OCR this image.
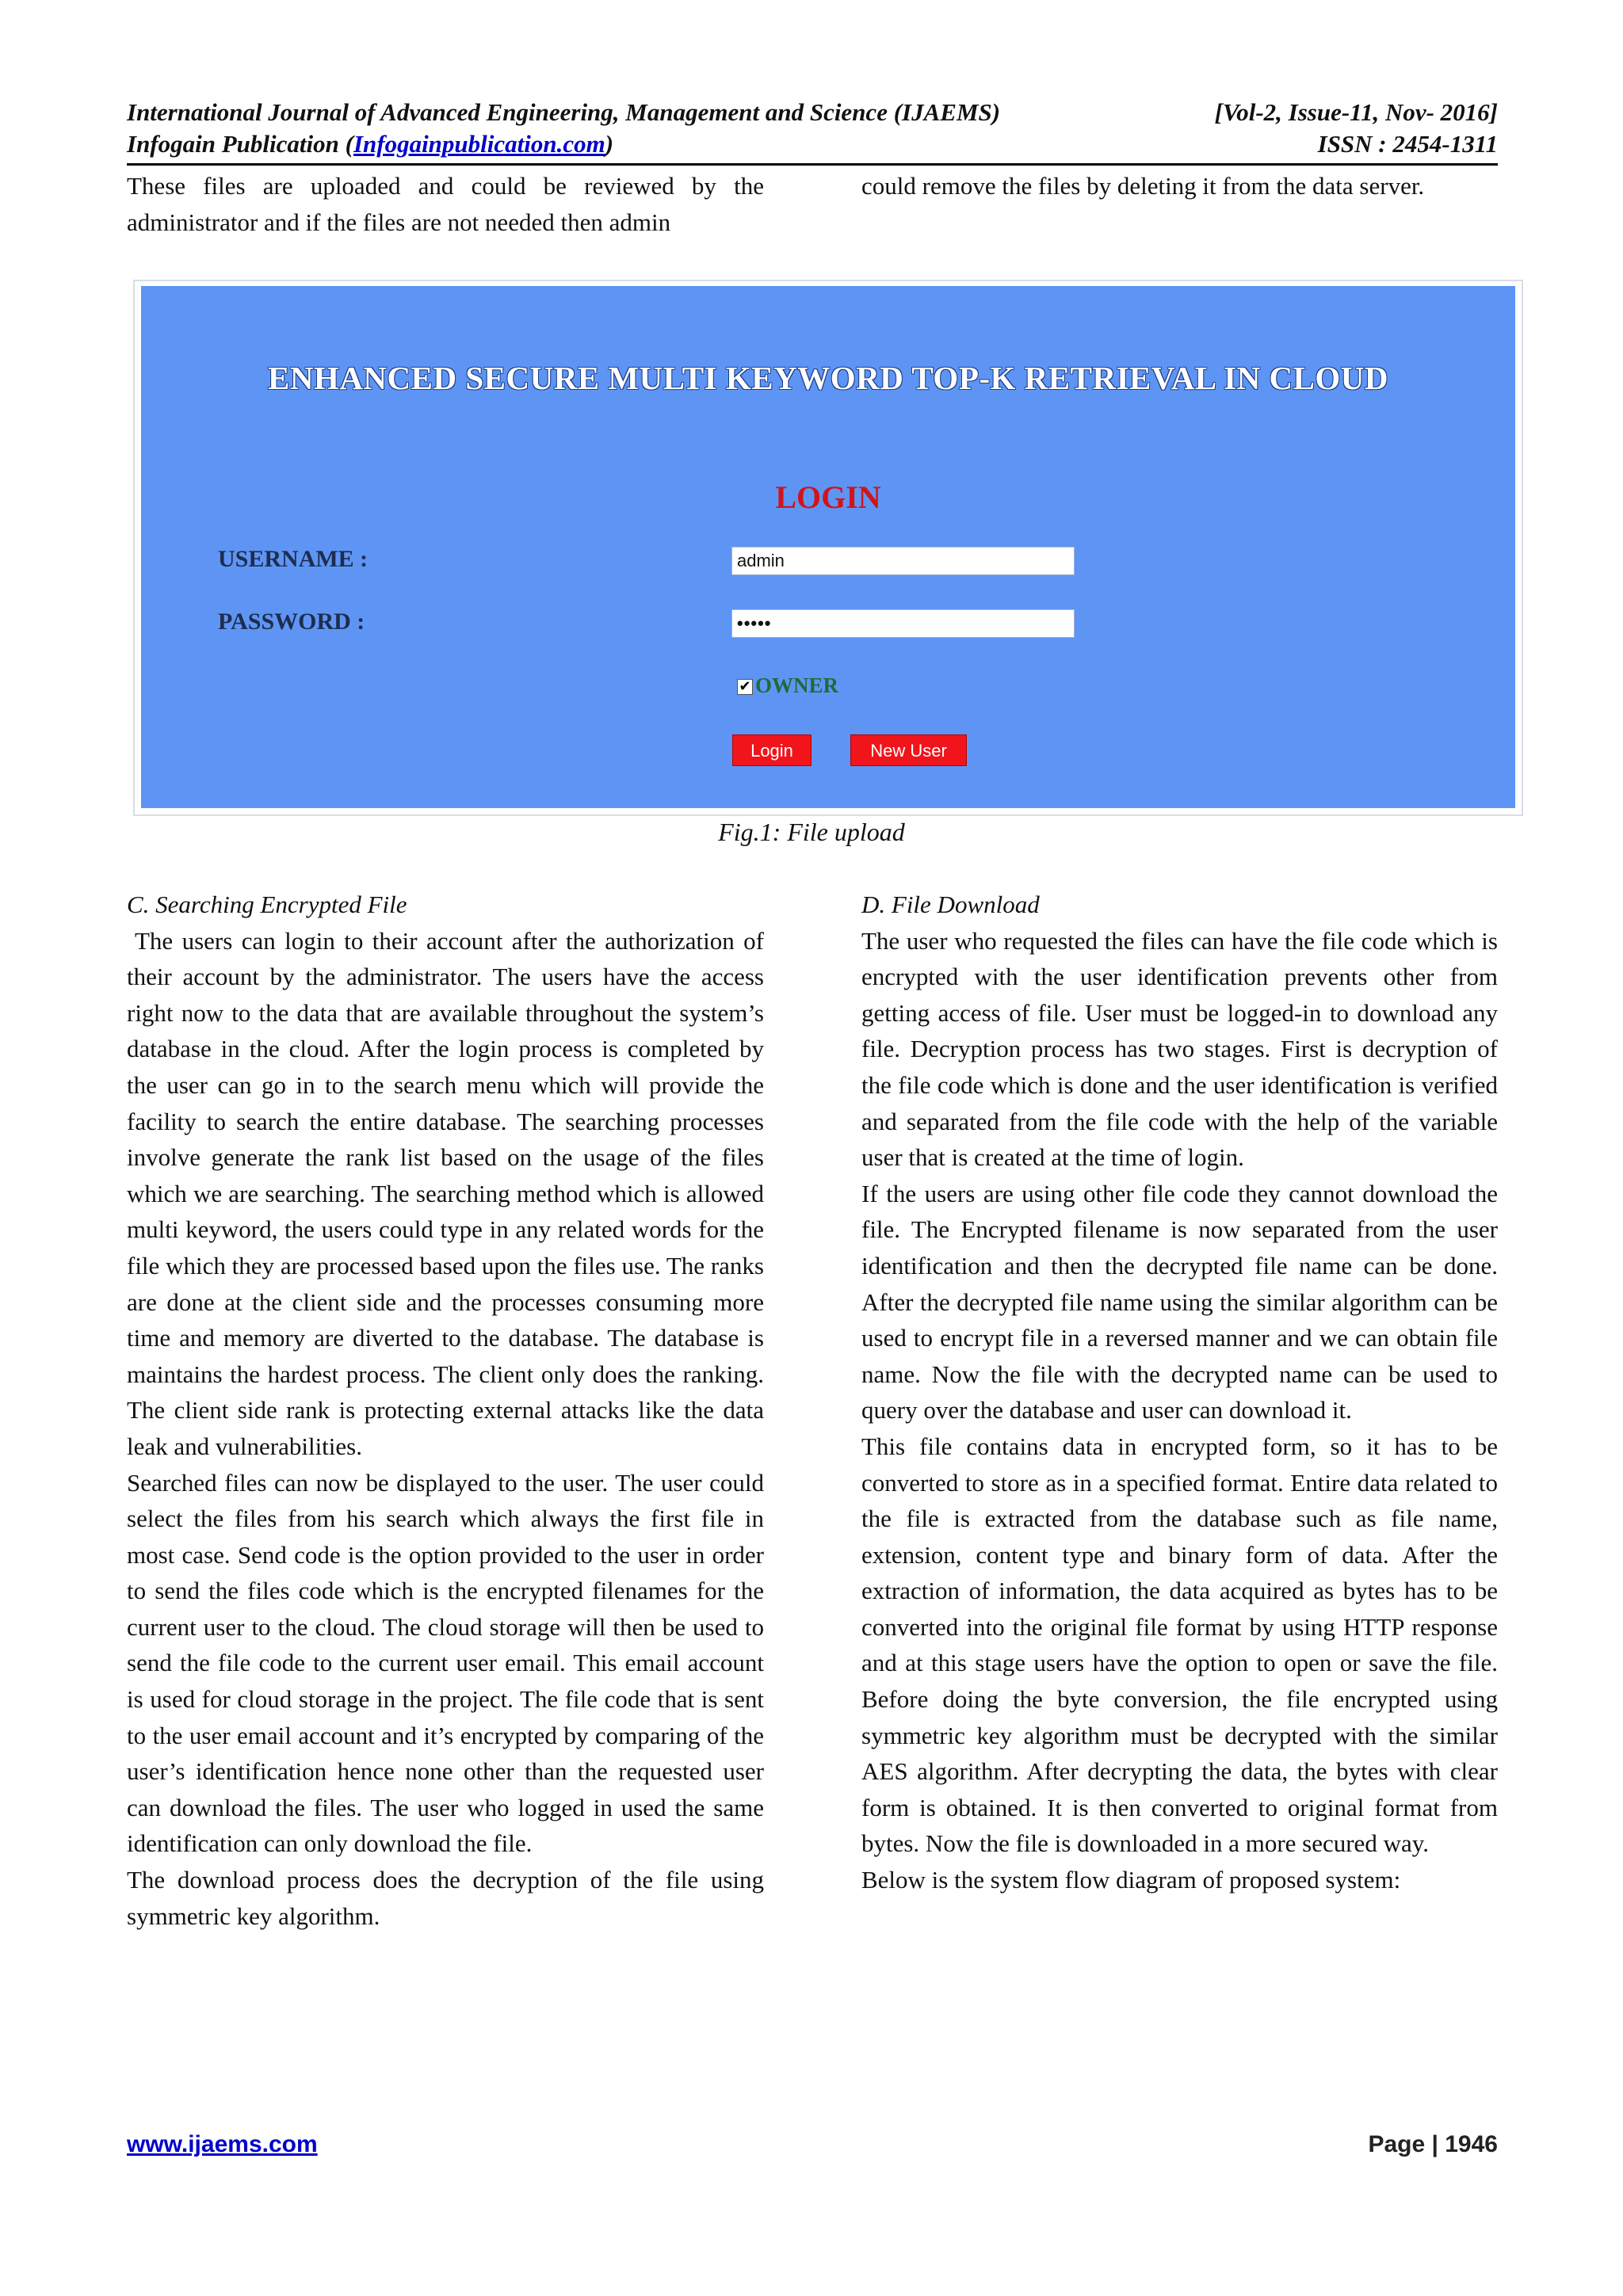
International Journal of Advanced Engineering, Management and Science (IJAEMS)	[Vol-2, Issue-11, Nov- 2016]
Infogain Publication (Infogainpublication.com)	ISSN : 2454-1311

These files are uploaded and could be reviewed by the administrator and if the files are not needed then admin

could remove the files by deleting it from the data server.

ENHANCED SECURE MULTI KEYWORD TOP-K RETRIEVAL IN CLOUD
LOGIN
USERNAME :	admin
PASSWORD :	•••••
✔ OWNER
Login	New User
Fig.1: File upload

C. Searching Encrypted File

The users can login to their account after the authorization of their account by the administrator. The users have the access right now to the data that are available throughout the system’s database in the cloud. After the login process is completed by the user can go in to the search menu which will provide the facility to search the entire database. The searching processes involve generate the rank list based on the usage of the files which we are searching. The searching method which is allowed multi keyword, the users could type in any related words for the file which they are processed based upon the files use. The ranks are done at the client side and the processes consuming more time and memory are diverted to the database. The database is maintains the hardest process. The client only does the ranking. The client side rank is protecting external attacks like the data leak and vulnerabilities.

Searched files can now be displayed to the user. The user could select the files from his search which always the first file in most case. Send code is the option provided to the user in order to send the files code which is the encrypted filenames for the current user to the cloud. The cloud storage will then be used to send the file code to the current user email. This email account is used for cloud storage in the project. The file code that is sent to the user email account and it’s encrypted by comparing of the user’s identification hence none other than the requested user can download the files. The user who logged in used the same identification can only download the file.

The download process does the decryption of the file using symmetric key algorithm.

D. File Download

The user who requested the files can have the file code which is encrypted with the user identification prevents other from getting access of file. User must be logged-in to download any file. Decryption process has two stages. First is decryption of the file code which is done and the user identification is verified and separated from the file code with the help of the variable user that is created at the time of login.

If the users are using other file code they cannot download the file. The Encrypted filename is now separated from the user identification and then the decrypted file name can be done. After the decrypted file name using the similar algorithm can be used to encrypt file in a reversed manner and we can obtain file name. Now the file with the decrypted name can be used to query over the database and user can download it.

This file contains data in encrypted form, so it has to be converted to store as in a specified format. Entire data related to the file is extracted from the database such as file name, extension, content type and binary form of data. After the extraction of information, the data acquired as bytes has to be converted into the original file format by using HTTP response and at this stage users have the option to open or save the file. Before doing the byte conversion, the file encrypted using symmetric key algorithm must be decrypted with the similar AES algorithm. After decrypting the data, the bytes with clear form is obtained. It is then converted to original format from bytes. Now the file is downloaded in a more secured way.

Below is the system flow diagram of proposed system:

www.ijaems.com	Page | 1946
